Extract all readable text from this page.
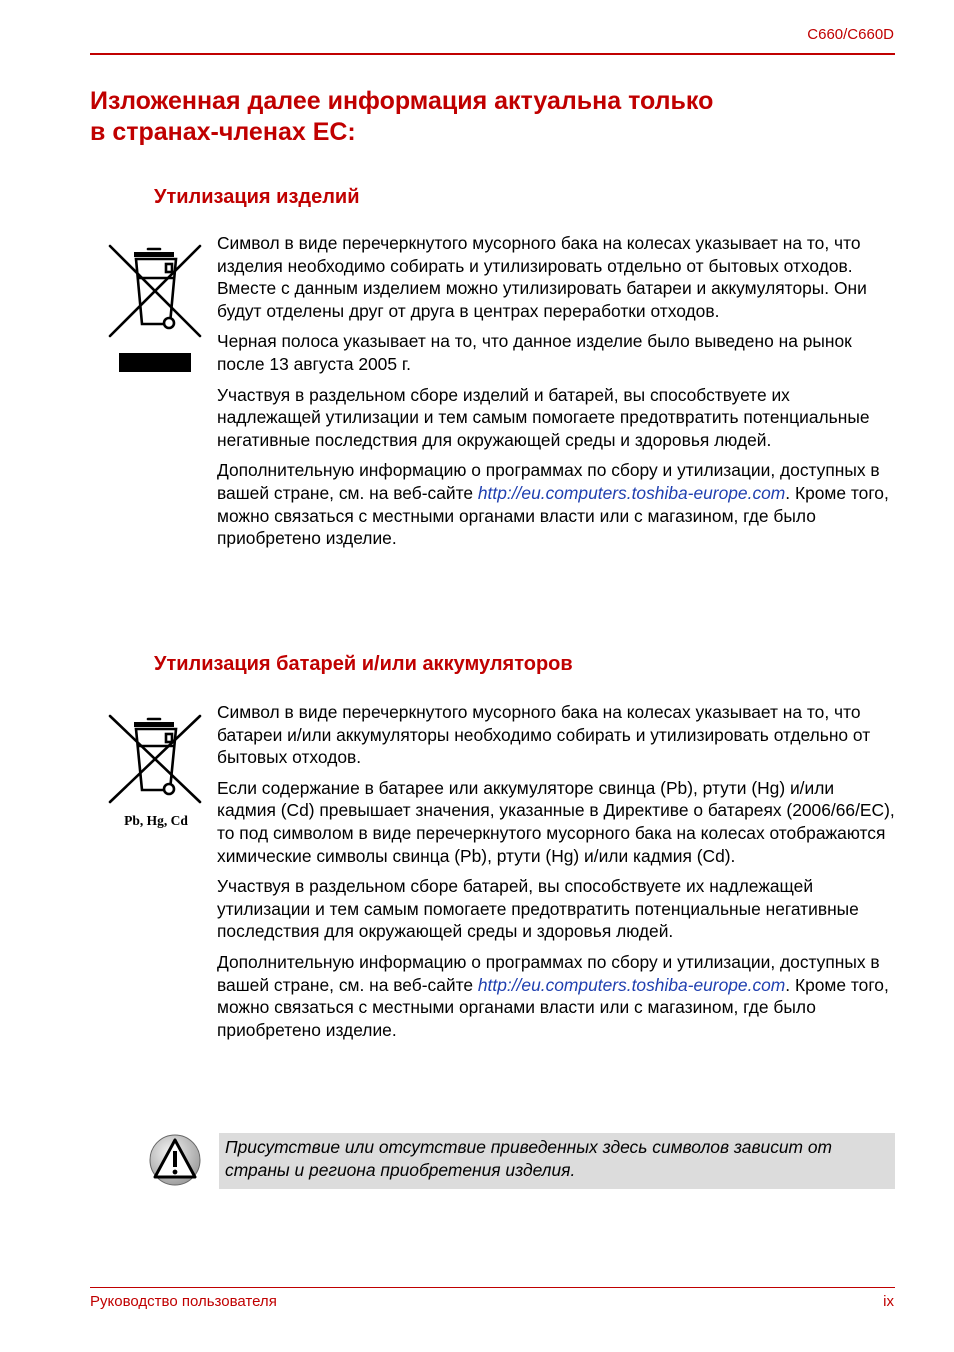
C660/C660D
Изложенная далее информация актуальна только
в странах-членах ЕС:
Утилизация изделий

Символ в виде перечеркнутого мусорного бака на колесах указывает на то, что изделия необходимо собирать и утилизировать отдельно от бытовых отходов. Вместе с данным изделием можно утилизировать батареи и аккумуляторы. Они будут отделены друг от друга в центрах переработки отходов.

Черная полоса указывает на то, что данное изделие было выведено на рынок после 13 августа 2005 г.

Участвуя в раздельном сборе изделий и батарей, вы способствуете их надлежащей утилизации и тем самым помогаете предотвратить потенциальные негативные последствия для окружающей среды и здоровья людей.

Дополнительную информацию о программах по сбору и утилизации, доступных в вашей стране, см. на веб-сайте http://eu.computers.toshiba-europe.com. Кроме того, можно связаться с местными органами власти или с магазином, где было приобретено изделие.

Утилизация батарей и/или аккумуляторов
Pb, Hg, Cd

Символ в виде перечеркнутого мусорного бака на колесах указывает на то, что батареи и/или аккумуляторы необходимо собирать и утилизировать отдельно от бытовых отходов.

Если содержание в батарее или аккумуляторе свинца (Pb), ртути (Hg) и/или кадмия (Cd) превышает значения, указанные в Директиве о батареях (2006/66/EC), то под символом в виде перечеркнутого мусорного бака на колесах отображаются химические символы свинца (Pb), ртути (Hg) и/или кадмия (Cd).

Участвуя в раздельном сборе батарей, вы способствуете их надлежащей утилизации и тем самым помогаете предотвратить потенциальные негативные последствия для окружающей среды и здоровья людей.

Дополнительную информацию о программах по сбору и утилизации, доступных в вашей стране, см. на веб-сайте http://eu.computers.toshiba-europe.com. Кроме того, можно связаться с местными органами власти или с магазином, где было приобретено изделие.

Присутствие или отсутствие приведенных здесь символов зависит от страны и региона приобретения изделия.
Руководство пользователя	ix
